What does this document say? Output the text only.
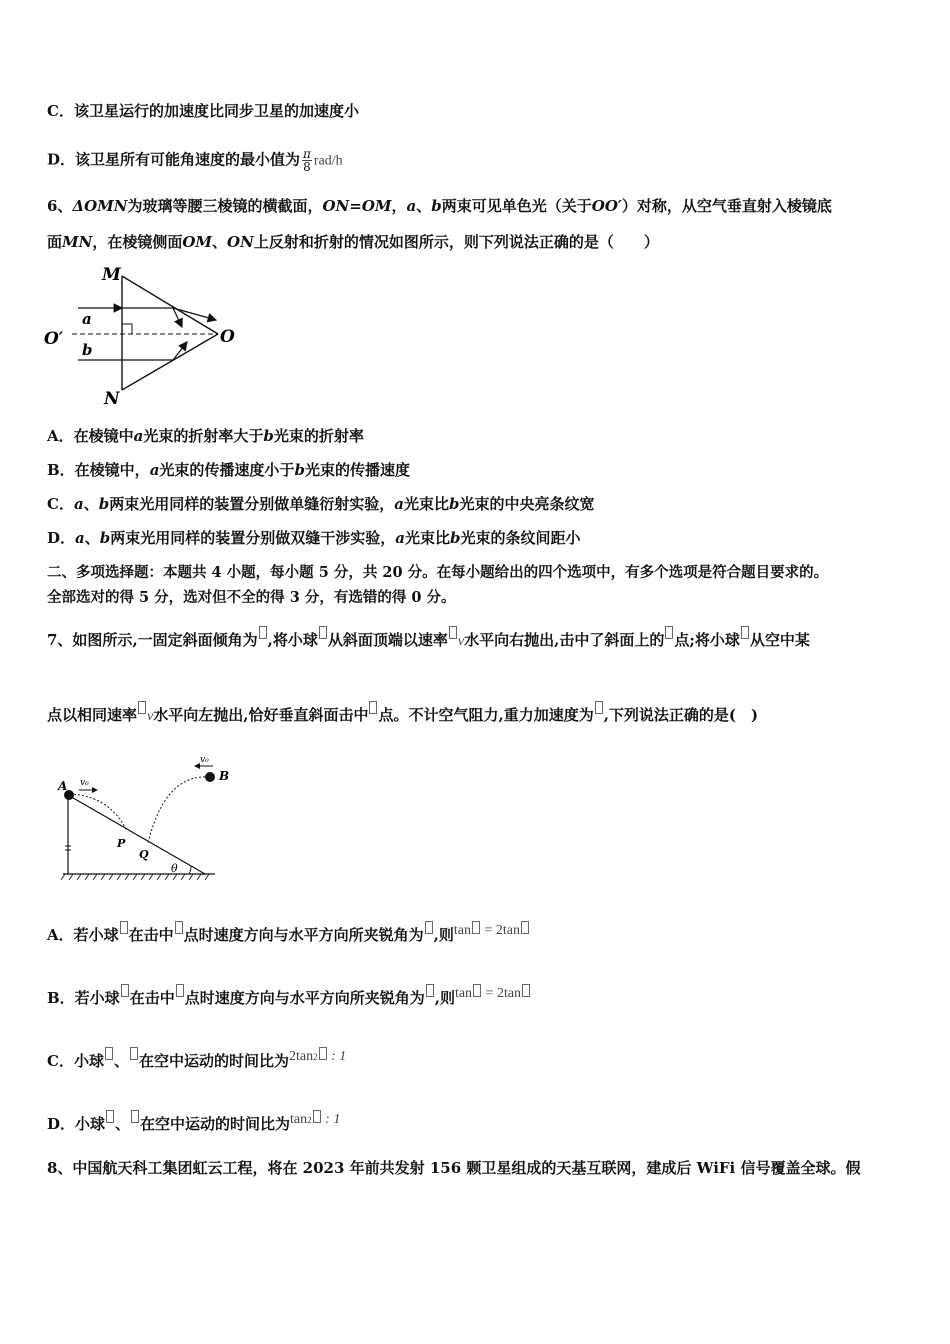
C．该卫星运行的加速度比同步卫星的加速度小
D．该卫星所有可能角速度的最小值为 $\frac{\pi}{8} rad/h$
6、ΔOMN为玻璃等腰三棱镜的横截面，ON=OM，a、b两束可见单色光（关于OO′）对称，从空气垂直射入棱镜底
面MN，在棱镜侧面OM、ON上反射和折射的情况如图所示，则下列说法正确的是（　　）
M
N
O
O′
a
b
A．在棱镜中a光束的折射率大于b光束的折射率
B．在棱镜中，a光束的传播速度小于b光束的传播速度
C．a、b两束光用同样的装置分别做单缝衍射实验，a光束比b光束的中央亮条纹宽
D．a、b两束光用同样的装置分别做双缝干涉实验，a光束比b光束的条纹间距小
二、多项选择题：本题共 4 小题，每小题 5 分，共 20 分。在每小题给出的四个选项中，有多个选项是符合题目要求的。
全部选对的得 5 分，选对但不全的得 3 分，有选错的得 0 分。
7、如图所示,一固定斜面倾角为 ,将小球 从斜面顶端以速率 ν水平向右抛出,击中了斜面上的 点;将小球 从空中某
点以相同速率 ν水平向左抛出,恰好垂直斜面击中 点。不计空气阻力,重力加速度为 ,下列说法正确的是(　)
A
B
P
Q
θ
v₀
v₀
A．若小球 在击中 点时速度方向与水平方向所夹锐角为 ,则tan = 2tan
B．若小球 在击中 点时速度方向与水平方向所夹锐角为 ,则tan = 2tan
C．小球 、 在空中运动的时间比为$2\tan^2$ : 1
D．小球 、 在空中运动的时间比为$\tan^2$ : 1
8、中国航天科工集团虹云工程，将在 2023 年前共发射 156 颗卫星组成的天基互联网，建成后 WiFi 信号覆盖全球。假
